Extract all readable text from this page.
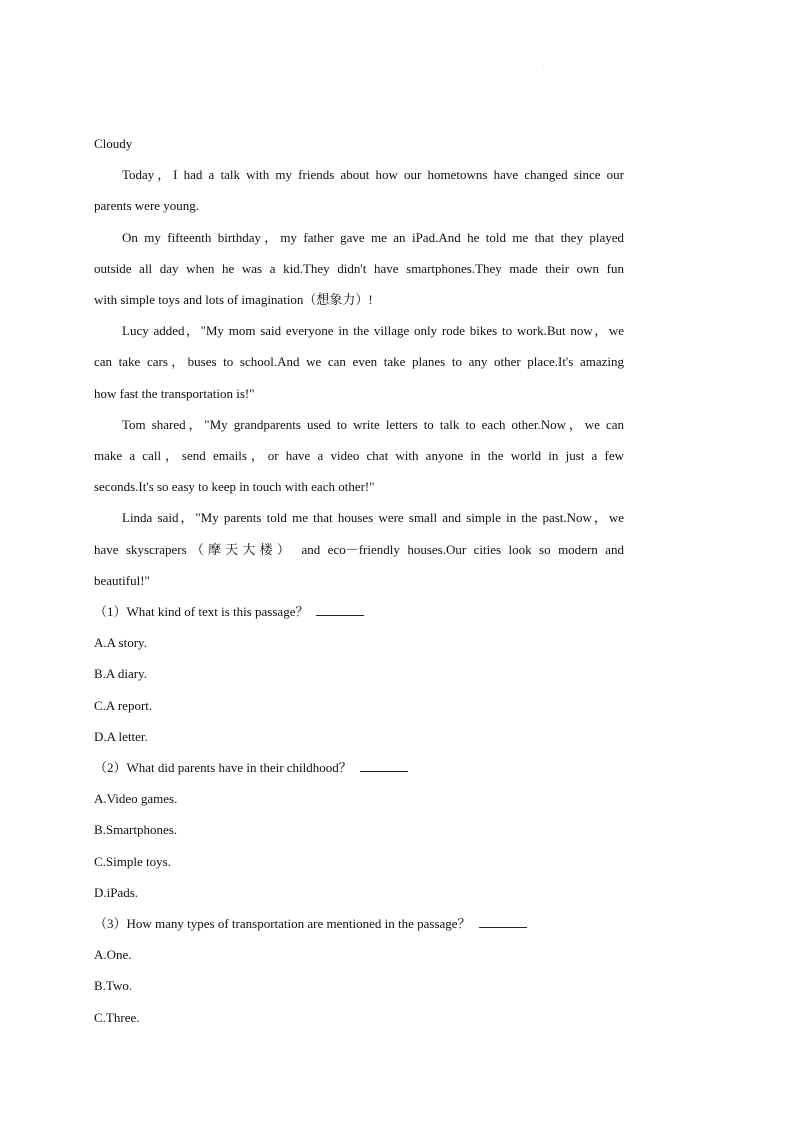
.
Cloudy
Today，I had a talk with my friends about how our hometowns have changed since our
parents were young.
On my fifteenth birthday，my father gave me an iPad.And he told me that they played
outside all day when he was a kid.They didn't have smartphones.They made their own fun
with simple toys and lots of imagination（想象力）!
Lucy added，"My mom said everyone in the village only rode bikes to work.But now，we
can take cars，buses to school.And we can even take planes to any other place.It's amazing
how fast the transportation is!"
Tom shared，"My grandparents used to write letters to talk to each other.Now，we can
make a call，send emails，or have a video chat with anyone in the world in just a few
seconds.It's so easy to keep in touch with each other!"
Linda said，"My parents told me that houses were small and simple in the past.Now，we
have skyscrapers（摩天大楼） and eco－friendly houses.Our cities look so modern and
beautiful!"
（1）What kind of text is this passage？
A.A story.
B.A diary.
C.A report.
D.A letter.
（2）What did parents have in their childhood？
A.Video games.
B.Smartphones.
C.Simple toys.
D.iPads.
（3）How many types of transportation are mentioned in the passage？
A.One.
B.Two.
C.Three.
